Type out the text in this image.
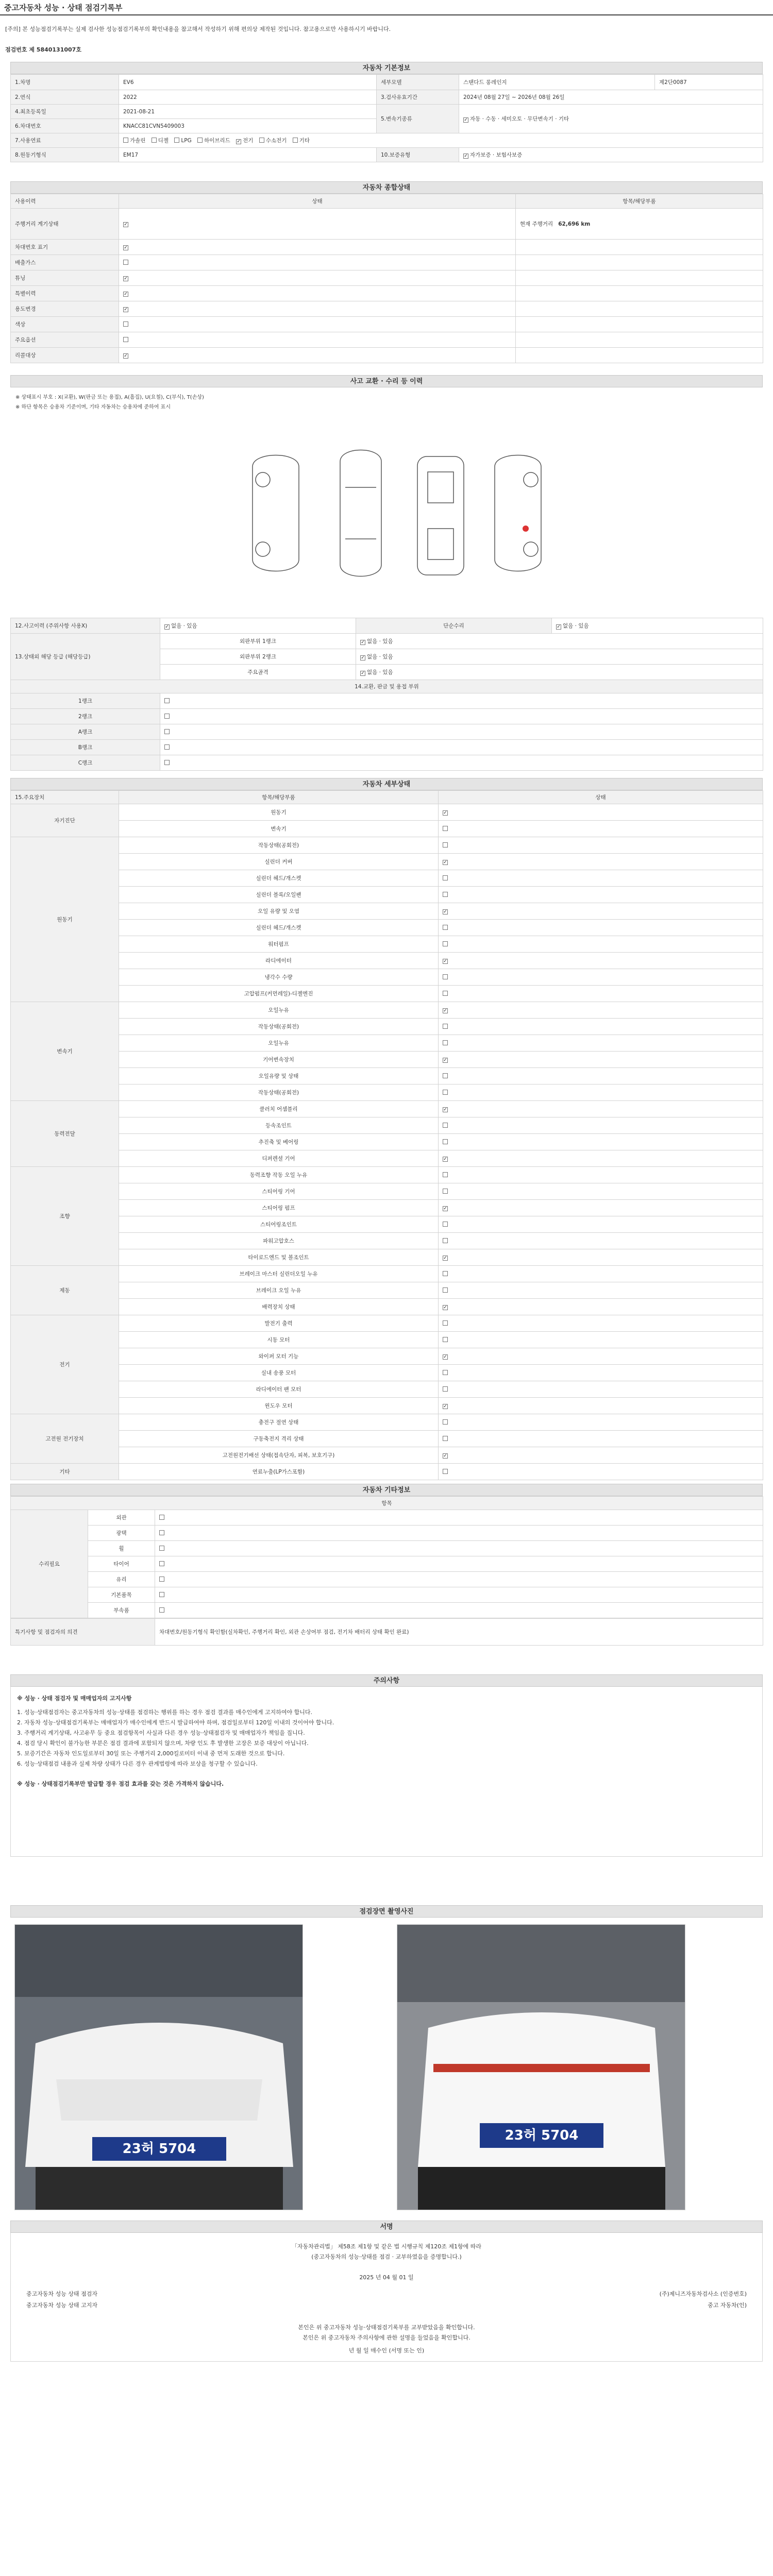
중고자동차 성능 · 상태 점검기록부
[주의] 본 성능점검기록부는 실제 검사한 성능점검기록부의 확인내용을 참고해서 작성하기 위해 편의상 제작된 것입니다. 참고용으로만 사용하시기 바랍니다.
점검번호 제 5840131007호
자동차 기본정보
1.차명	EV6	세부모델	스탠다드 롱레인지	제2단0087
2.연식	2022	3.검사유효기간	2024년 08월 27일 ~ 2026년 08월 26일	
4.최초등록일	2021-08-21	5.변속기종류	✓자동 · 수동 · 세미오토 · 무단변속기 · 기타
6.차대번호	KNACC81CVN5409003			
7.사용연료	가솔린 디젤 LPG 하이브리드 ✓ 전기 수소전기 기타
8.원동기형식	EM17	10.보증유형	✓자가보증 · 보험사보증
자동차 종합상태
사용이력	상태	항목/해당부품
주행거리 계기상태	✓	현재 주행거리 62,696 km
차대번호 표기	✓	
배출가스		
튜닝	✓	
특별이력	✓	
용도변경	✓	
색상		
주요옵션		
리콜대상	✓	
사고 교환 · 수리 등 이력
※ 상태표시 부호 : X(교환), W(판금 또는 용접), A(흠집), U(요철), C(부식), T(손상)
※ 하단 항목은 승용차 기준이며, 기타 자동차는 승용차에 준하여 표시
12.사고이력 (주위사항 사용X)	✓없음 · 있음	단순수리	✓없음 · 있음
13.상태외 해당 등급 (해당등급)	외판부위 1랭크	✓없음 · 있음
	외판부위 2랭크	✓없음 · 있음
	주요골격	✓없음 · 있음
14.교환, 판금 및 용접 부위			
1랭크			
2랭크			
A랭크			
B랭크			
C랭크			
자동차 세부상태
15.주요장치	항목/해당부품	상태
자기진단	원동기	✓
	변속기	
원동기	작동상태(공회전)	
	실린더 커버	✓
	실린더 헤드/개스켓	
	실린더 블록/오일팬	
	오일 유량 및 오염	✓
	실린더 헤드/개스켓	
	워터펌프	
	라디에이터	✓
	냉각수 수량	
	고압펌프(커먼레일)-디젤엔진	
변속기	오일누유	✓
	작동상태(공회전)	
	오일누유	
	기어변속장치	✓
	오일유량 및 상태	
	작동상태(공회전)	
동력전달	클러치 어셈블리	✓
	등속조인트	
	추진축 및 베어링	
	디퍼렌셜 기어	✓
조향	동력조향 작동 오일 누유	
	스티어링 기어	
	스티어링 펌프	✓
	스티어링조인트	
	파워고압호스	
	타이로드엔드 및 볼조인트	✓
제동	브레이크 마스터 실린더오일 누유	
	브레이크 오일 누유	
	배력장치 상태	✓
전기	발전기 출력	
	시동 모터	
	와이퍼 모터 기능	✓
	실내 송풍 모터	
	라디에이터 팬 모터	
	윈도우 모터	✓
고전원 전기장치	충전구 절연 상태	
	구동축전지 격리 상태	
	고전원전기배선 상태(접속단자, 피복, 보호기구)	✓
기타	연료누출(LP가스포함)	
자동차 기타정보
항목		
수리필요	외관	
	광택	
	휠	
	타이어	
	유리	
	기본품목	
	부속품	
특기사항 및 점검자의 의견	차대번호/원동기형식 확인함(실차확인, 주행거리 확인, 외관 손상여부 점검, 전기차 배터리 상태 확인 완료)
주의사항
※ 성능 · 상태 점검자 및 매매업자의 고지사항
1. 성능·상태점검자는 중고자동차의 성능·상태를 점검하는 행위를 하는 경우 점검 결과를 매수인에게 고지하여야 합니다.
2. 자동차 성능·상태점검기록부는 매매업자가 매수인에게 반드시 발급하여야 하며, 점검일로부터 120일 이내의 것이어야 합니다.
3. 주행거리 계기상태, 사고유무 등 중요 점검항목이 사실과 다른 경우 성능·상태점검자 및 매매업자가 책임을 집니다.
4. 점검 당시 확인이 불가능한 부분은 점검 결과에 포함되지 않으며, 차량 인도 후 발생한 고장은 보증 대상이 아닙니다.
5. 보증기간은 자동차 인도일로부터 30일 또는 주행거리 2,000킬로미터 이내 중 먼저 도래한 것으로 합니다.
6. 성능·상태점검 내용과 실제 차량 상태가 다른 경우 관계법령에 따라 보상을 청구할 수 있습니다.
※ 성능 · 상태점검기록부만 발급할 경우 점검 효과를 갖는 것은 가격하지 않습니다.
점검장면 촬영사진
23허 5704
23허 5704
서명
「자동차관리법」 제58조 제1항 및 같은 법 시행규칙 제120조 제1항에 따라
(중고자동차의 성능·상태를 점검 · 교부하였음을 증명합니다.)
2025 년 04 월 01 일
중고자동차 성능 상태 점검자	(주)제니즈자동차검사소 (인증번호)
중고자동차 성능 상태 고지자	중고 자동차(인)
본인은 위 중고자동차 성능·상태점검기록부를 교부받았음을 확인합니다.
본인은 위 중고자동차 주의사항에 관한 설명을 들었음을 확인합니다.
년 월 일 매수인 (서명 또는 인)
